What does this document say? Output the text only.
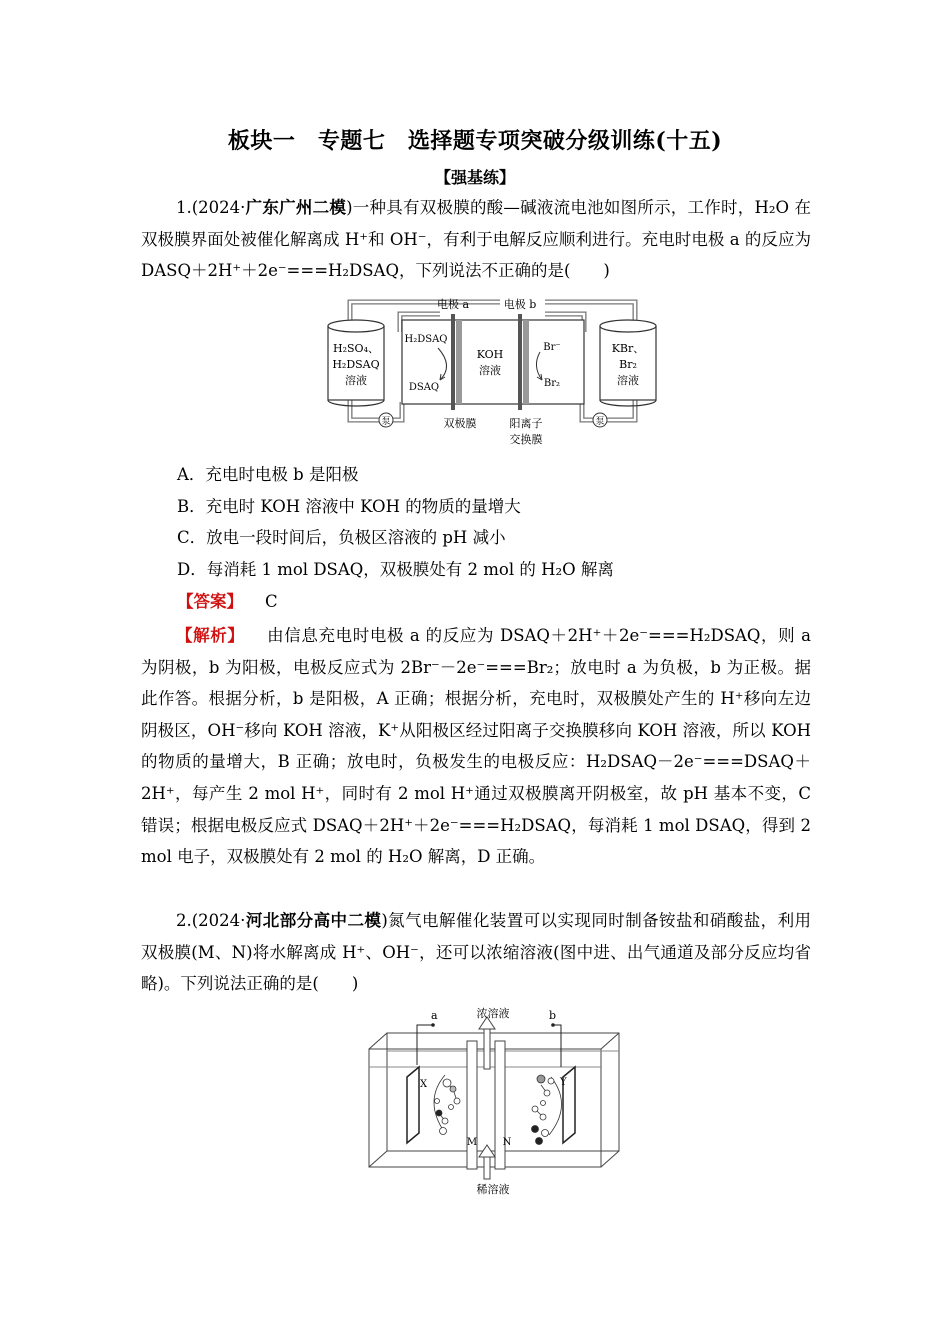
板块一　专题七　选择题专项突破分级训练(十五)
【强基练】
1.(2024·广东广州二模)一种具有双极膜的酸—碱液流电池如图所示，工作时，H₂O 在双极膜界面处被催化解离成 H⁺和 OH⁻，有利于电解反应顺利进行。充电时电极 a 的反应为 DASQ＋2H⁺＋2e⁻===H₂DSAQ，下列说法不正确的是(　　)
H₂SO₄、
H₂DSAQ
溶液
KBr、
Br₂
溶液
泵	泵
电极 a	电极 b
H₂DSAQ
DSAQ
KOH
溶液
Br⁻
Br₂
双极膜	阳离子
交换膜
A．充电时电极 b 是阳极
B．充电时 KOH 溶液中 KOH 的物质的量增大
C．放电一段时间后，负极区溶液的 pH 减小
D．每消耗 1 mol DSAQ，双极膜处有 2 mol 的 H₂O 解离
【答案】 C
【解析】 由信息充电时电极 a 的反应为 DSAQ＋2H⁺＋2e⁻===H₂DSAQ，则 a 为阴极，b 为阳极，电极反应式为 2Br⁻－2e⁻===Br₂；放电时 a 为负极，b 为正极。据此作答。根据分析，b 是阳极，A 正确；根据分析，充电时，双极膜处产生的 H⁺移向左边阴极区，OH⁻移向 KOH 溶液，K⁺从阳极区经过阳离子交换膜移向 KOH 溶液，所以 KOH 的物质的量增大，B 正确；放电时，负极发生的电极反应：H₂DSAQ－2e⁻===DSAQ＋2H⁺，每产生 2 mol H⁺，同时有 2 mol H⁺通过双极膜离开阴极室，故 pH 基本不变，C 错误；根据电极反应式 DSAQ＋2H⁺＋2e⁻===H₂DSAQ，每消耗 1 mol DSAQ，得到 2 mol 电子，双极膜处有 2 mol 的 H₂O 解离，D 正确。
2.(2024·河北部分高中二模)氮气电解催化装置可以实现同时制备铵盐和硝酸盐，利用双极膜(M、N)将水解离成 H⁺、OH⁻，还可以浓缩溶液(图中进、出气通道及部分反应均省略)。下列说法正确的是(　　)
M	N
X	Y
a	b
浓溶液
稀溶液
